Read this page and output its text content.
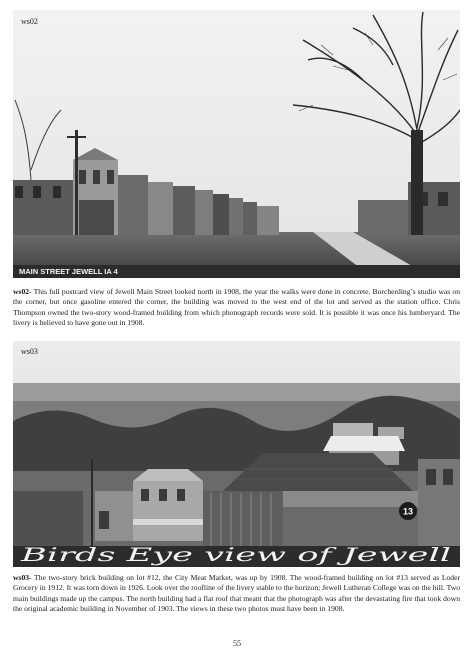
MAIN STREET JEWELL IA 4
ws02

ws02- This full postcard view of Jewell Main Street looked north in 1908, the year the walks were done in concrete. Borcherding’s studio was on the corner, but once gasoline entered the corner, the building was moved to the west end of the lot and served as the station office. Chris Thompson owned the two-story wood-framed building from which phonograph records were sold. It is possible it was once his lumberyard. The livery is believed to have gone out in 1908.

13
Birds Eye view of Jewell
ws03

ws03- The two-story brick building on lot #12, the City Meat Market, was up by 1908. The wood-framed building on lot #13 served as Loder Grocery in 1912. It was torn down in 1926. Look over the roofline of the livery stable to the horizon; Jewell Lutheran College was on the hill. Two main buildings made up the campus. The north building had a flat roof that meant that the photograph was after the devastating fire that took down the original academic building in November of 1903. The views in these two photos must have been in 1908.

55
